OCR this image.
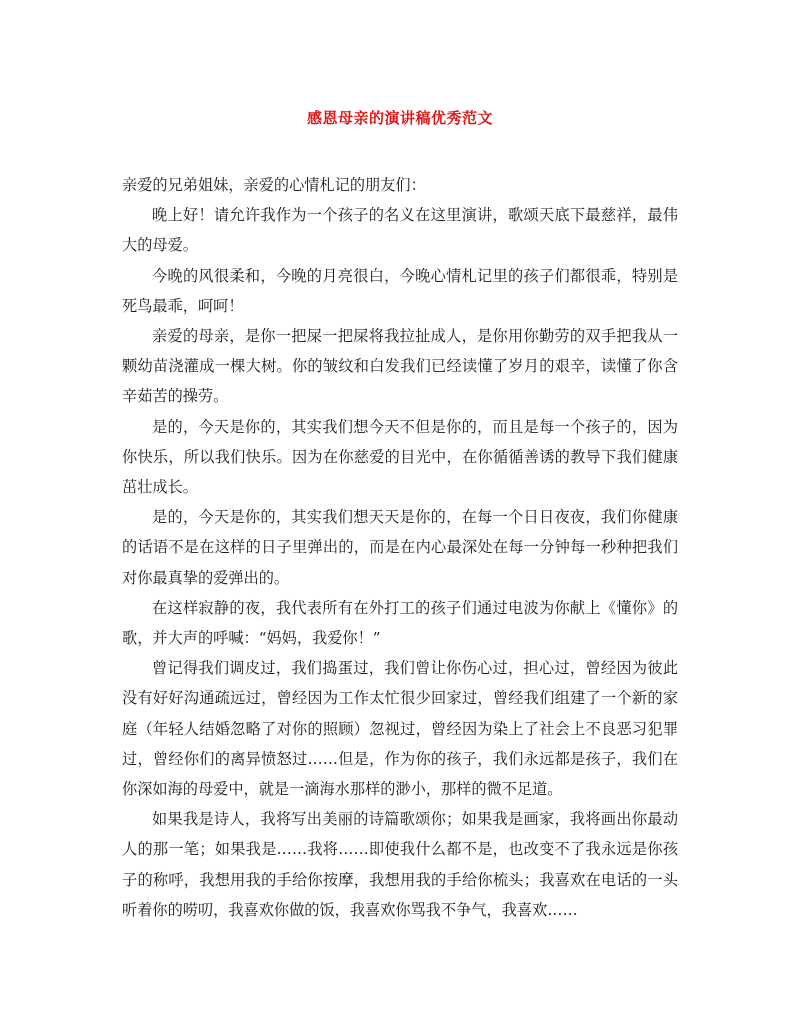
感恩母亲的演讲稿优秀范文

亲爱的兄弟姐妹，亲爱的心情札记的朋友们：

晚上好！请允许我作为一个孩子的名义在这里演讲，歌颂天底下最慈祥，最伟大的母爱。

今晚的风很柔和，今晚的月亮很白，今晚心情札记里的孩子们都很乖，特别是死鸟最乖，呵呵！

亲爱的母亲，是你一把屎一把屎将我拉扯成人，是你用你勤劳的双手把我从一颗幼苗浇灌成一棵大树。你的皱纹和白发我们已经读懂了岁月的艰辛，读懂了你含辛茹苦的操劳。

是的，今天是你的，其实我们想今天不但是你的，而且是每一个孩子的，因为你快乐，所以我们快乐。因为在你慈爱的目光中，在你循循善诱的教导下我们健康茁壮成长。

是的，今天是你的，其实我们想天天是你的，在每一个日日夜夜，我们你健康的话语不是在这样的日子里弹出的，而是在内心最深处在每一分钟每一秒种把我们对你最真挚的爱弹出的。

在这样寂静的夜，我代表所有在外打工的孩子们通过电波为你献上《懂你》的歌，并大声的呼喊：“妈妈，我爱你！”

曾记得我们调皮过，我们捣蛋过，我们曾让你伤心过，担心过，曾经因为彼此没有好好沟通疏远过，曾经因为工作太忙很少回家过，曾经我们组建了一个新的家庭（年轻人结婚忽略了对你的照顾）忽视过，曾经因为染上了社会上不良恶习犯罪过，曾经你们的离异愤怒过……但是，作为你的孩子，我们永远都是孩子，我们在你深如海的母爱中，就是一滴海水那样的渺小，那样的微不足道。

如果我是诗人，我将写出美丽的诗篇歌颂你；如果我是画家，我将画出你最动人的那一笔；如果我是……我将……即使我什么都不是，也改变不了我永远是你孩子的称呼，我想用我的手给你按摩，我想用我的手给你梳头；我喜欢在电话的一头听着你的唠叨，我喜欢你做的饭，我喜欢你骂我不争气，我喜欢……
